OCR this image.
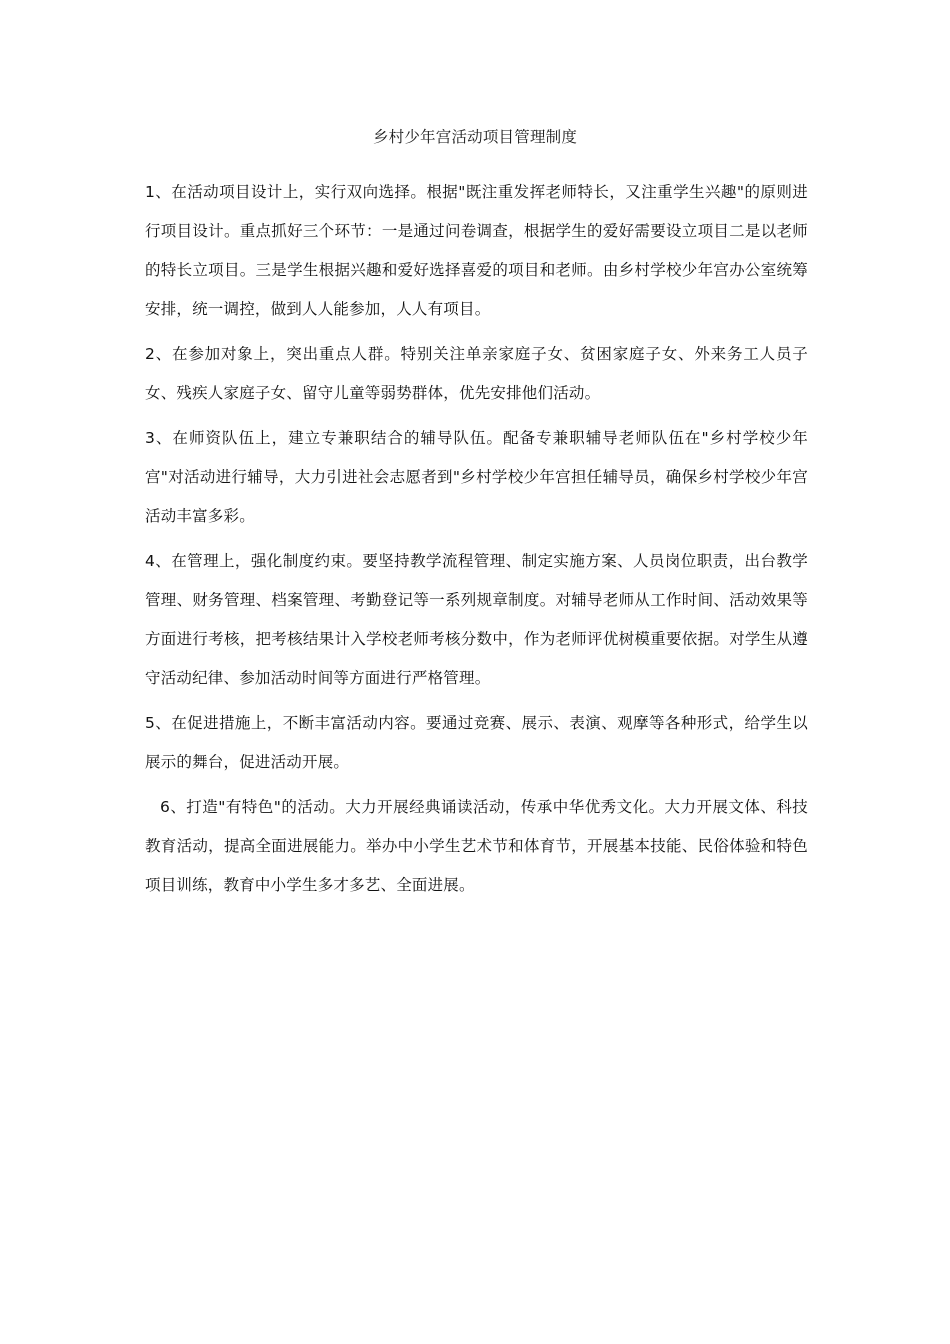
乡村少年宫活动项目管理制度

1、在活动项目设计上，实行双向选择。根据"既注重发挥老师特长，又注重学生兴趣"的原则进行项目设计。重点抓好三个环节：一是通过问卷调查，根据学生的爱好需要设立项目二是以老师的特长立项目。三是学生根据兴趣和爱好选择喜爱的项目和老师。由乡村学校少年宫办公室统筹安排，统一调控，做到人人能参加，人人有项目。

2、在参加对象上，突出重点人群。特别关注单亲家庭子女、贫困家庭子女、外来务工人员子女、残疾人家庭子女、留守儿童等弱势群体，优先安排他们活动。

3、在师资队伍上，建立专兼职结合的辅导队伍。配备专兼职辅导老师队伍在"乡村学校少年宫"对活动进行辅导，大力引进社会志愿者到"乡村学校少年宫担任辅导员，确保乡村学校少年宫活动丰富多彩。

4、在管理上，强化制度约束。要坚持教学流程管理、制定实施方案、人员岗位职责，出台教学管理、财务管理、档案管理、考勤登记等一系列规章制度。对辅导老师从工作时间、活动效果等方面进行考核，把考核结果计入学校老师考核分数中，作为老师评优树模重要依据。对学生从遵守活动纪律、参加活动时间等方面进行严格管理。

5、在促进措施上，不断丰富活动内容。要通过竞赛、展示、表演、观摩等各种形式，给学生以展示的舞台，促进活动开展。

6、打造"有特色"的活动。大力开展经典诵读活动，传承中华优秀文化。大力开展文体、科技教育活动，提高全面进展能力。举办中小学生艺术节和体育节，开展基本技能、民俗体验和特色项目训练，教育中小学生多才多艺、全面进展。
